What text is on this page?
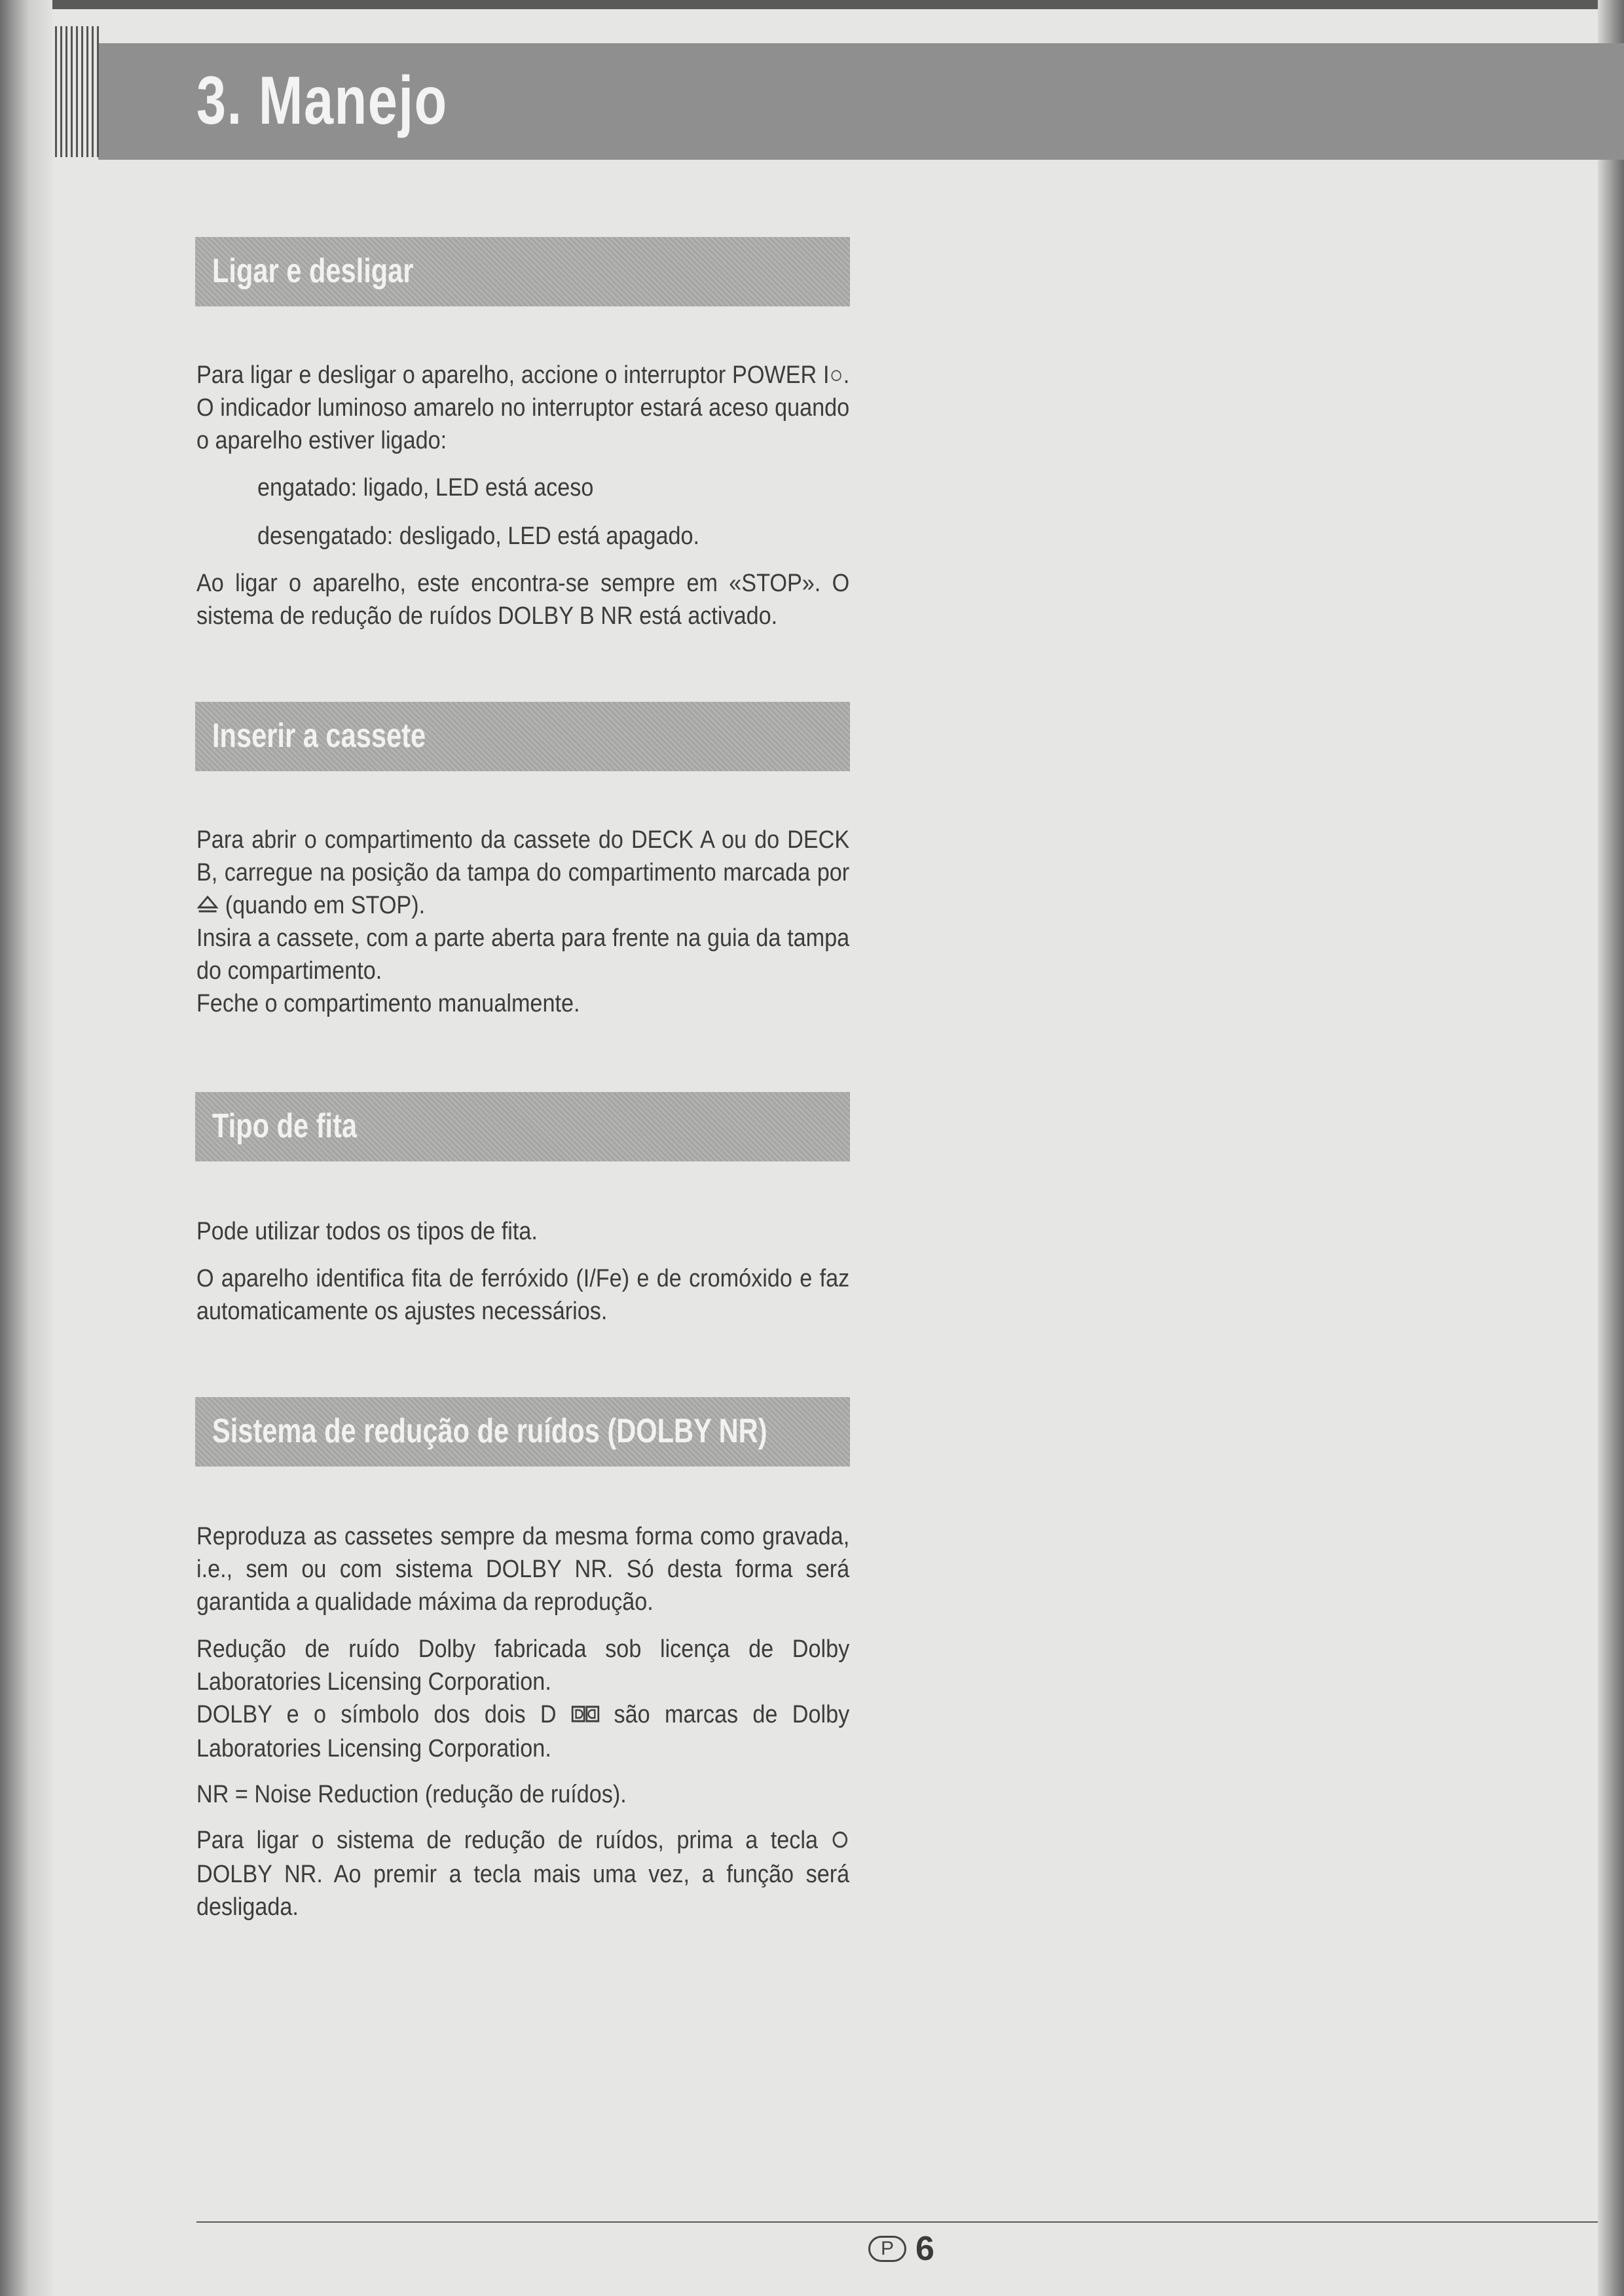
3. Manejo
Ligar e desligar
Para ligar e desligar o aparelho, accione o interruptor POWER I○. O indicador luminoso amarelo no interruptor estará aceso quando o aparelho estiver ligado:
engatado: ligado, LED está aceso
desengatado: desligado, LED está apagado.
Ao ligar o aparelho, este encontra-se sempre em «STOP». O sistema de redução de ruídos DOLBY B NR está activado.
Inserir a cassete
Para abrir o compartimento da cassete do DECK A ou do DECK B, carregue na posição da tampa do compartimento marcada por  (quando em STOP).
Insira a cassete, com a parte aberta para frente na guia da tampa do compartimento.
Feche o compartimento manualmente.
Tipo de fita
Pode utilizar todos os tipos de fita.
O aparelho identifica fita de ferróxido (I/Fe) e de cromóxido e faz automaticamente os ajustes necessários.
Sistema de redução de ruídos (DOLBY NR)
Reproduza as cassetes sempre da mesma forma como gravada, i.e., sem ou com sistema DOLBY NR. Só desta forma será garantida a qualidade máxima da reprodução.
Redução de ruído Dolby fabricada sob licença de Dolby Laboratories Licensing Corporation.
DOLBY e o símbolo dos dois D são marcas de Dolby Laboratories Licensing Corporation.
NR = Noise Reduction (redução de ruídos).
Para ligar o sistema de redução de ruídos, prima a tecla  DOLBY NR. Ao premir a tecla mais uma vez, a função será desligada.
P 6
